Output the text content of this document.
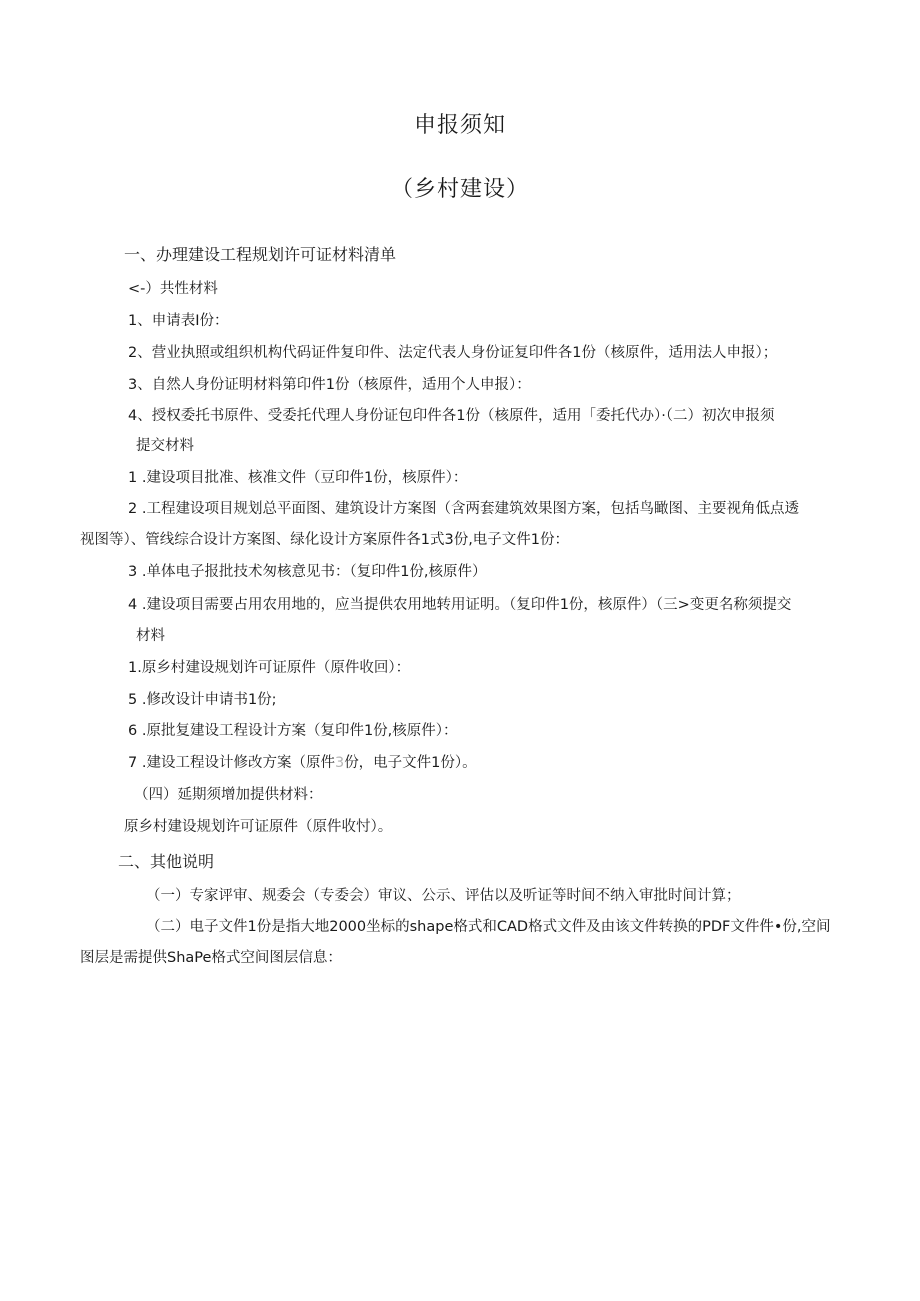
申报须知
（乡村建设）
一、办理建设工程规划许可证材料清单
<-）共性材料
1、申请表I份：
2、营业执照或组织机构代码证件复印件、法定代表人身份证复印件各1份（核原件，适用法人申报）；
3、自然人身份证明材料第印件1份（核原件，适用个人申报）：
4、授权委托书原件、受委托代理人身份证包印件各1份（核原件，适用「委托代办）·（二）初次申报须
提交材料
1 .建设项目批准、核准文件（豆印件1份，核原件）：
2 .工程建设项目规划总平面图、建筑设计方案图（含两套建筑效果图方案，包括鸟瞰图、主要视角低点透
视图等）、管线综合设计方案图、绿化设计方案原件各1式3份,电子文件1份：
3 .单体电子报批技术匆核意见书：（复印件1份,核原件）
4 .建设项目需要占用农用地的，应当提供农用地转用证明。（复印件1份，核原件）（三>变更名称须提交
材料
1.原乡村建设规划许可证原件（原件收回）：
5 .修改设计申请书1份;
6 .原批复建设工程设计方案（复印件1份,核原件）：
7 .建设工程设计修改方案（原件3份，电子文件1份）。
（四）延期须增加提供材料：
原乡村建设规划许可证原件（原件收忖）。
二、其他说明
（一）专家评审、规委会（专委会）审议、公示、评估以及听证等时间不纳入审批时间计算；
（二）电子文件1份是指大地2000坐标的shape格式和CAD格式文件及由该文件转换的PDF文件件•份,空间
图层是需提供ShaPe格式空间图层信息：
